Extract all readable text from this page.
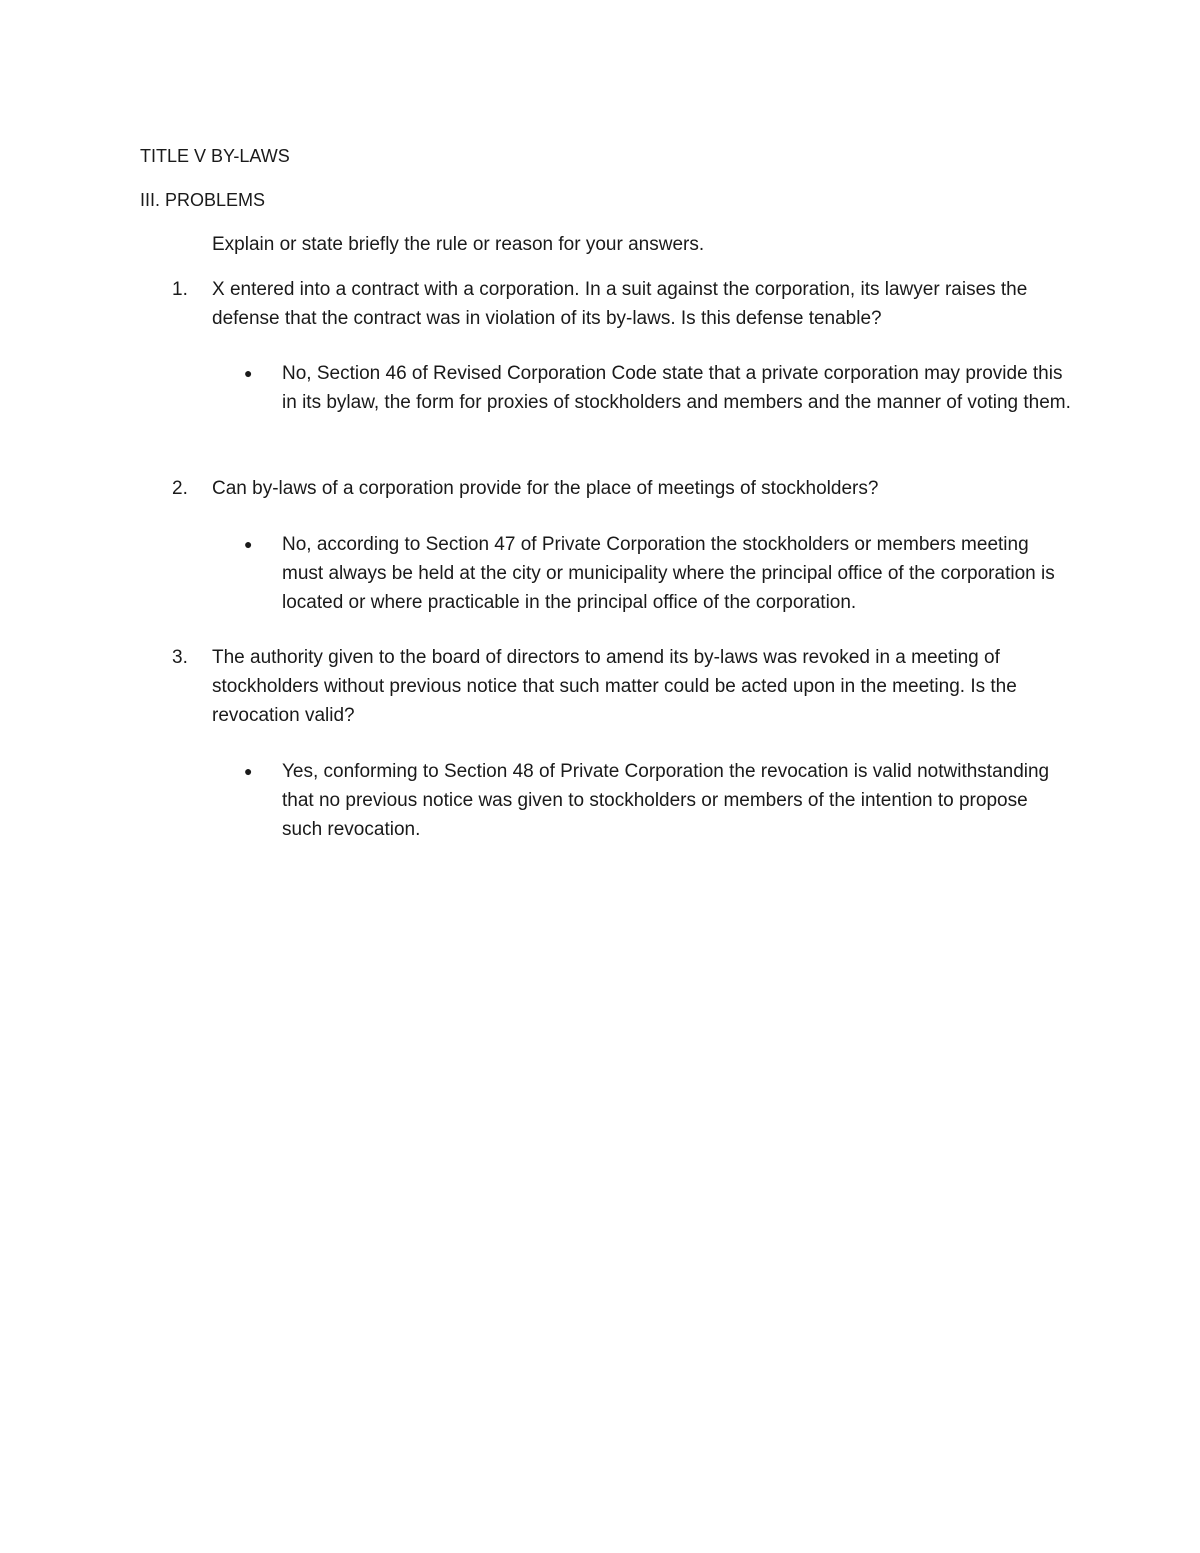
TITLE V BY-LAWS
III. PROBLEMS

Explain or state briefly the rule or reason for your answers.

1. X entered into a contract with a corporation. In a suit against the corporation, its lawyer raises the defense that the contract was in violation of its by-laws. Is this defense tenable?

● No, Section 46 of Revised Corporation Code state that a private corporation may provide this in its bylaw, the form for proxies of stockholders and members and the manner of voting them.

2. Can by-laws of a corporation provide for the place of meetings of stockholders?

● No, according to Section 47 of Private Corporation the stockholders or members meeting must always be held at the city or municipality where the principal office of the corporation is located or where practicable in the principal office of the corporation.

3. The authority given to the board of directors to amend its by-laws was revoked in a meeting of stockholders without previous notice that such matter could be acted upon in the meeting. Is the revocation valid?

● Yes, conforming to Section 48 of Private Corporation the revocation is valid notwithstanding that no previous notice was given to stockholders or members of the intention to propose such revocation.
